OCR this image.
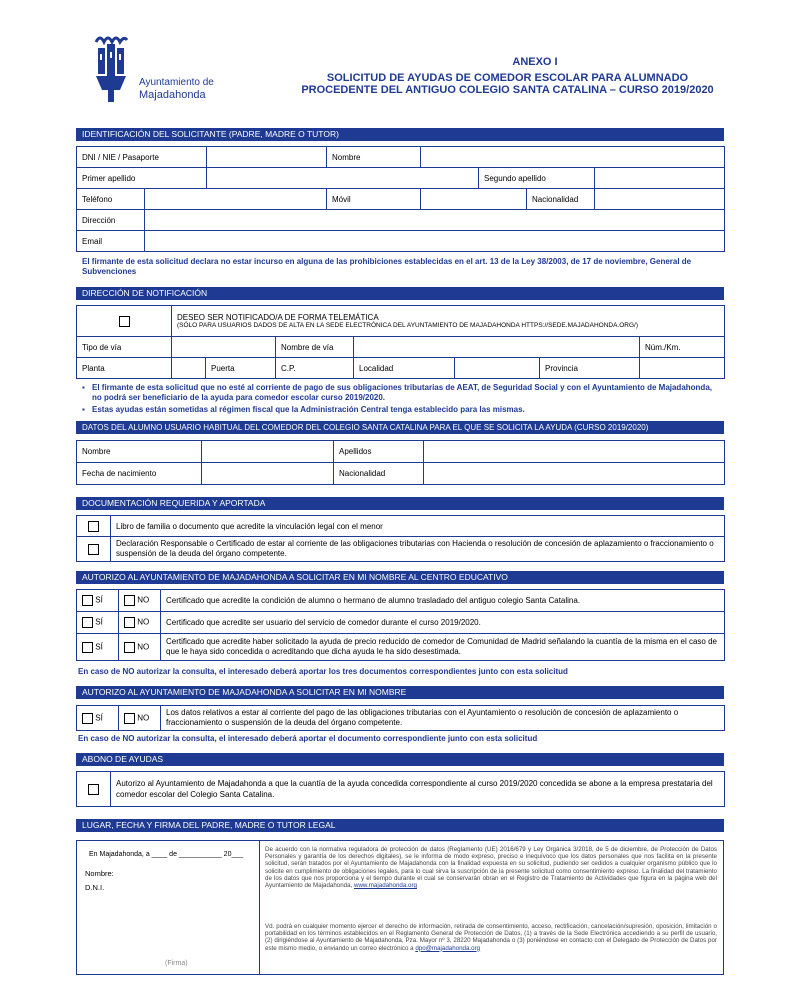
Ayuntamiento de
Majadahonda
ANEXO I
SOLICITUD DE AYUDAS DE COMEDOR ESCOLAR PARA ALUMNADO
PROCEDENTE DEL ANTIGUO COLEGIO SANTA CATALINA – CURSO 2019/2020
IDENTIFICACIÓN DEL SOLICITANTE (PADRE, MADRE O TUTOR)
DNI / NIE / Pasaporte			Nombre				
Primer apellido					Segundo apellido		
Teléfono			Móvil			Nacionalidad	
Dirección							
Email							
El firmante de esta solicitud declara no estar incurso en alguna de las prohibiciones establecidas en el art. 13 de la Ley 38/2003, de 17 de noviembre, General de Subvenciones
DIRECCIÓN DE NOTIFICACIÓN

	DESEO SER NOTIFICADO/A DE FORMA TELEMÁTICA
(SÓLO PARA USUARIOS DADOS DE ALTA EN LA SEDE ELECTRÓNICA DEL AYUNTAMIENTO DE MAJADAHONDA HTTPS://SEDE.MAJADAHONDA.ORG/)						

Tipo de vía			Nombre de vía				Núm./Km.
Planta		Puerta	C.P.	Localidad		Provincia	
▪ El firmante de esta solicitud que no esté al corriente de pago de sus obligaciones tributarias de AEAT, de Seguridad Social y con el Ayuntamiento de Majadahonda, no podrá ser beneficiario de la ayuda para comedor escolar curso 2019/2020.
▪ Estas ayudas están sometidas al régimen fiscal que la Administración Central tenga establecido para las mismas.
DATOS DEL ALUMNO USUARIO HABITUAL DEL COMEDOR DEL COLEGIO SANTA CATALINA PARA EL QUE SE SOLICITA LA AYUDA (CURSO 2019/2020)
Nombre		Apellidos	
Fecha de nacimiento		Nacionalidad	
DOCUMENTACIÓN REQUERIDA Y APORTADA
	Libro de familia o documento que acredite la vinculación legal con el menor
	Declaración Responsable o Certificado de estar al corriente de las obligaciones tributarias con Hacienda o resolución de concesión de aplazamiento o fraccionamiento o suspensión de la deuda del órgano competente.
AUTORIZO AL AYUNTAMIENTO DE MAJADAHONDA A SOLICITAR EN MI NOMBRE AL CENTRO EDUCATIVO
SÍ	NO	Certificado que acredite la condición de alumno o hermano de alumno trasladado del antiguo colegio Santa Catalina.
SÍ	NO	Certificado que acredite ser usuario del servicio de comedor durante el curso 2019/2020.
SÍ	NO	Certificado que acredite haber solicitado la ayuda de precio reducido de comedor de Comunidad de Madrid señalando la cuantía de la misma en el caso de que le haya sido concedida o acreditando que dicha ayuda le ha sido desestimada.
En caso de NO autorizar la consulta, el interesado deberá aportar los tres documentos correspondientes junto con esta solicitud
AUTORIZO AL AYUNTAMIENTO DE MAJADAHONDA A SOLICITAR EN MI NOMBRE
SÍ	NO	Los datos relativos a estar al corriente del pago de las obligaciones tributarias con el Ayuntamiento o resolución de concesión de aplazamiento o fraccionamiento o suspensión de la deuda del órgano competente.
En caso de NO autorizar la consulta, el interesado deberá aportar el documento correspondiente junto con esta solicitud
ABONO DE AYUDAS
	Autorizo al Ayuntamiento de Majadahonda a que la cuantía de la ayuda concedida correspondiente al curso 2019/2020 concedida se abone a la empresa prestataria del comedor escolar del Colegio Santa Catalina.
LUGAR, FECHA Y FIRMA DEL PADRE, MADRE O TUTOR LEGAL
En Majadahonda, a ____ de ___________ 20___
Nombre:
D.N.I.
(Firma)
De acuerdo con la normativa reguladora de protección de datos (Reglamento (UE) 2016/679 y Ley Orgánica 3/2018, de 5 de diciembre, de Protección de Datos Personales y garantía de los derechos digitales), se le informa de modo expreso, preciso e inequívoco que los datos personales que nos facilita en la presente solicitud, serán tratados por el Ayuntamiento de Majadahonda con la finalidad expuesta en su solicitud, pudiendo ser cedidos a cualquier organismo público que lo solicite en cumplimiento de obligaciones legales, para lo cual sirva la suscripción de la presente solicitud como consentimiento expreso. La finalidad del tratamiento de los datos que nos proporciona y el tiempo durante el cual se conservarán obran en el Registro de Tratamiento de Actividades que figura en la página web del Ayuntamiento de Majadahonda, www.majadahonda.org
Vd. podrá en cualquier momento ejercer el derecho de información, retirada de consentimiento, acceso, rectificación, cancelación/supresión, oposición, limitación o portabilidad en los términos establecidos en el Reglamento General de Protección de Datos, (1) a través de la Sede Electrónica accediendo a su perfil de usuario, (2) dirigiéndose al Ayuntamiento de Majadahonda, Pza. Mayor nº 3, 28220 Majadahonda o (3) poniéndose en contacto con el Delegado de Protección de Datos por este mismo medio, o enviando un correo electrónico a dpo@majadahonda.org
